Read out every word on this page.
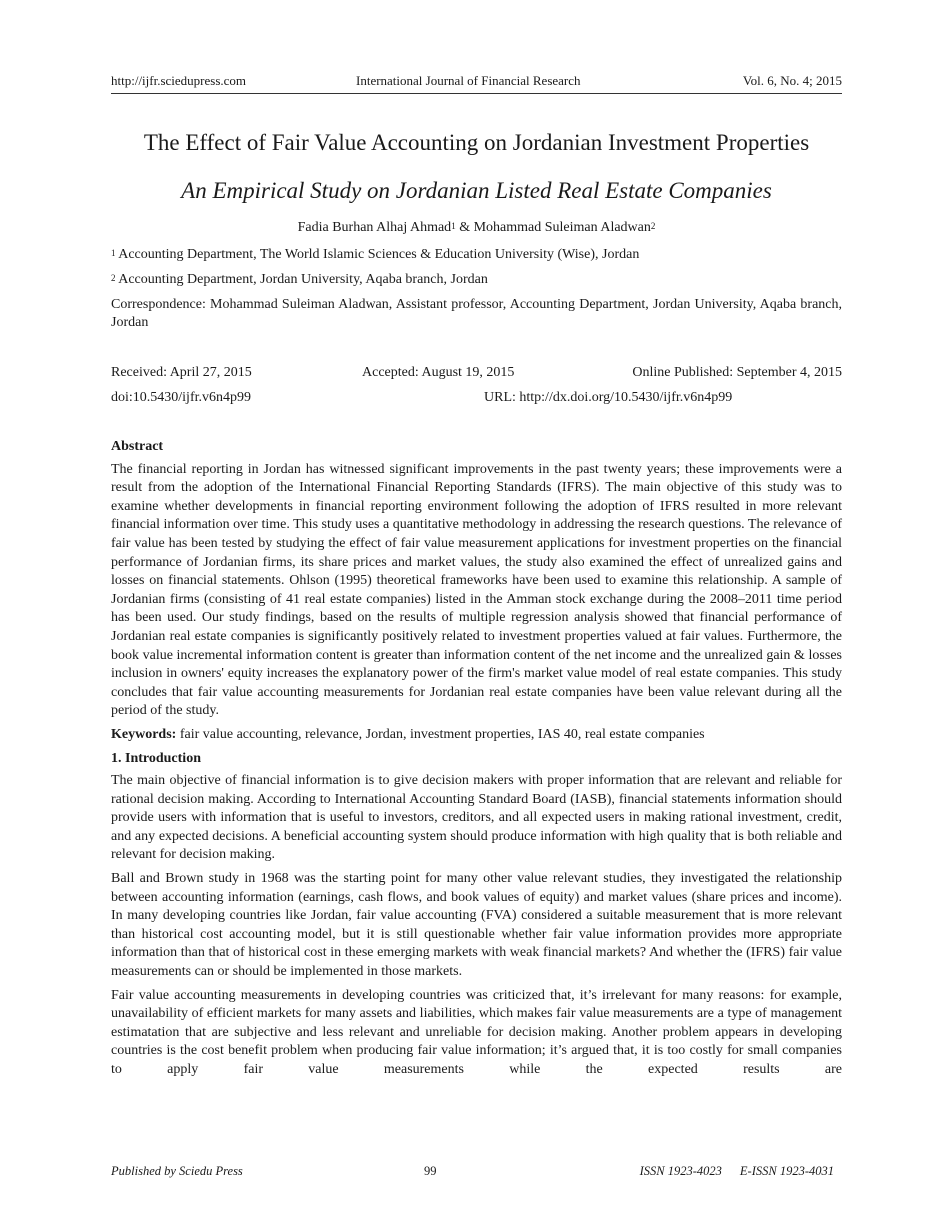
http://ijfr.sciedupress.com	International Journal of Financial Research	Vol. 6, No. 4; 2015
The Effect of Fair Value Accounting on Jordanian Investment Properties
An Empirical Study on Jordanian Listed Real Estate Companies
Fadia Burhan Alhaj Ahmad$^1$ & Mohammad Suleiman Aladwan$^2$
$^1$ Accounting Department, The World Islamic Sciences & Education University (Wise), Jordan
$^2$ Accounting Department, Jordan University, Aqaba branch, Jordan
Correspondence: Mohammad Suleiman Aladwan, Assistant professor, Accounting Department, Jordan University, Aqaba branch, Jordan
Received: April 27, 2015	Accepted: August 19, 2015	Online Published: September 4, 2015
doi:10.5430/ijfr.v6n4p99	URL: http://dx.doi.org/10.5430/ijfr.v6n4p99
Abstract

The financial reporting in Jordan has witnessed significant improvements in the past twenty years; these improvements were a result from the adoption of the International Financial Reporting Standards (IFRS). The main objective of this study was to examine whether developments in financial reporting environment following the adoption of IFRS resulted in more relevant financial information over time. This study uses a quantitative methodology in addressing the research questions. The relevance of fair value has been tested by studying the effect of fair value measurement applications for investment properties on the financial performance of Jordanian firms, its share prices and market values, the study also examined the effect of unrealized gains and losses on financial statements. Ohlson (1995) theoretical frameworks have been used to examine this relationship. A sample of Jordanian firms (consisting of 41 real estate companies) listed in the Amman stock exchange during the 2008–2011 time period has been used. Our study findings, based on the results of multiple regression analysis showed that financial performance of Jordanian real estate companies is significantly positively related to investment properties valued at fair values. Furthermore, the book value incremental information content is greater than information content of the net income and the unrealized gain & losses inclusion in owners' equity increases the explanatory power of the firm's market value model of real estate companies. This study concludes that fair value accounting measurements for Jordanian real estate companies have been value relevant during all the period of the study.

Keywords: fair value accounting, relevance, Jordan, investment properties, IAS 40, real estate companies

1. Introduction

The main objective of financial information is to give decision makers with proper information that are relevant and reliable for rational decision making. According to International Accounting Standard Board (IASB), financial statements information should provide users with information that is useful to investors, creditors, and all expected users in making rational investment, credit, and any expected decisions. A beneficial accounting system should produce information with high quality that is both reliable and relevant for decision making.

Ball and Brown study in 1968 was the starting point for many other value relevant studies, they investigated the relationship between accounting information (earnings, cash flows, and book values of equity) and market values (share prices and income). In many developing countries like Jordan, fair value accounting (FVA) considered a suitable measurement that is more relevant than historical cost accounting model, but it is still questionable whether fair value information provides more appropriate information than that of historical cost in these emerging markets with weak financial markets? And whether the (IFRS) fair value measurements can or should be implemented in those markets.

Fair value accounting measurements in developing countries was criticized that, it’s irrelevant for many reasons: for example, unavailability of efficient markets for many assets and liabilities, which makes fair value measurements are a type of management estimatation that are subjective and less relevant and unreliable for decision making. Another problem appears in developing countries is the cost benefit problem when producing fair value information; it’s argued that, it is too costly for small companies to apply fair value measurements while the expected results are

Published by Sciedu Press	99	ISSN 1923-4023 E-ISSN 1923-4031
